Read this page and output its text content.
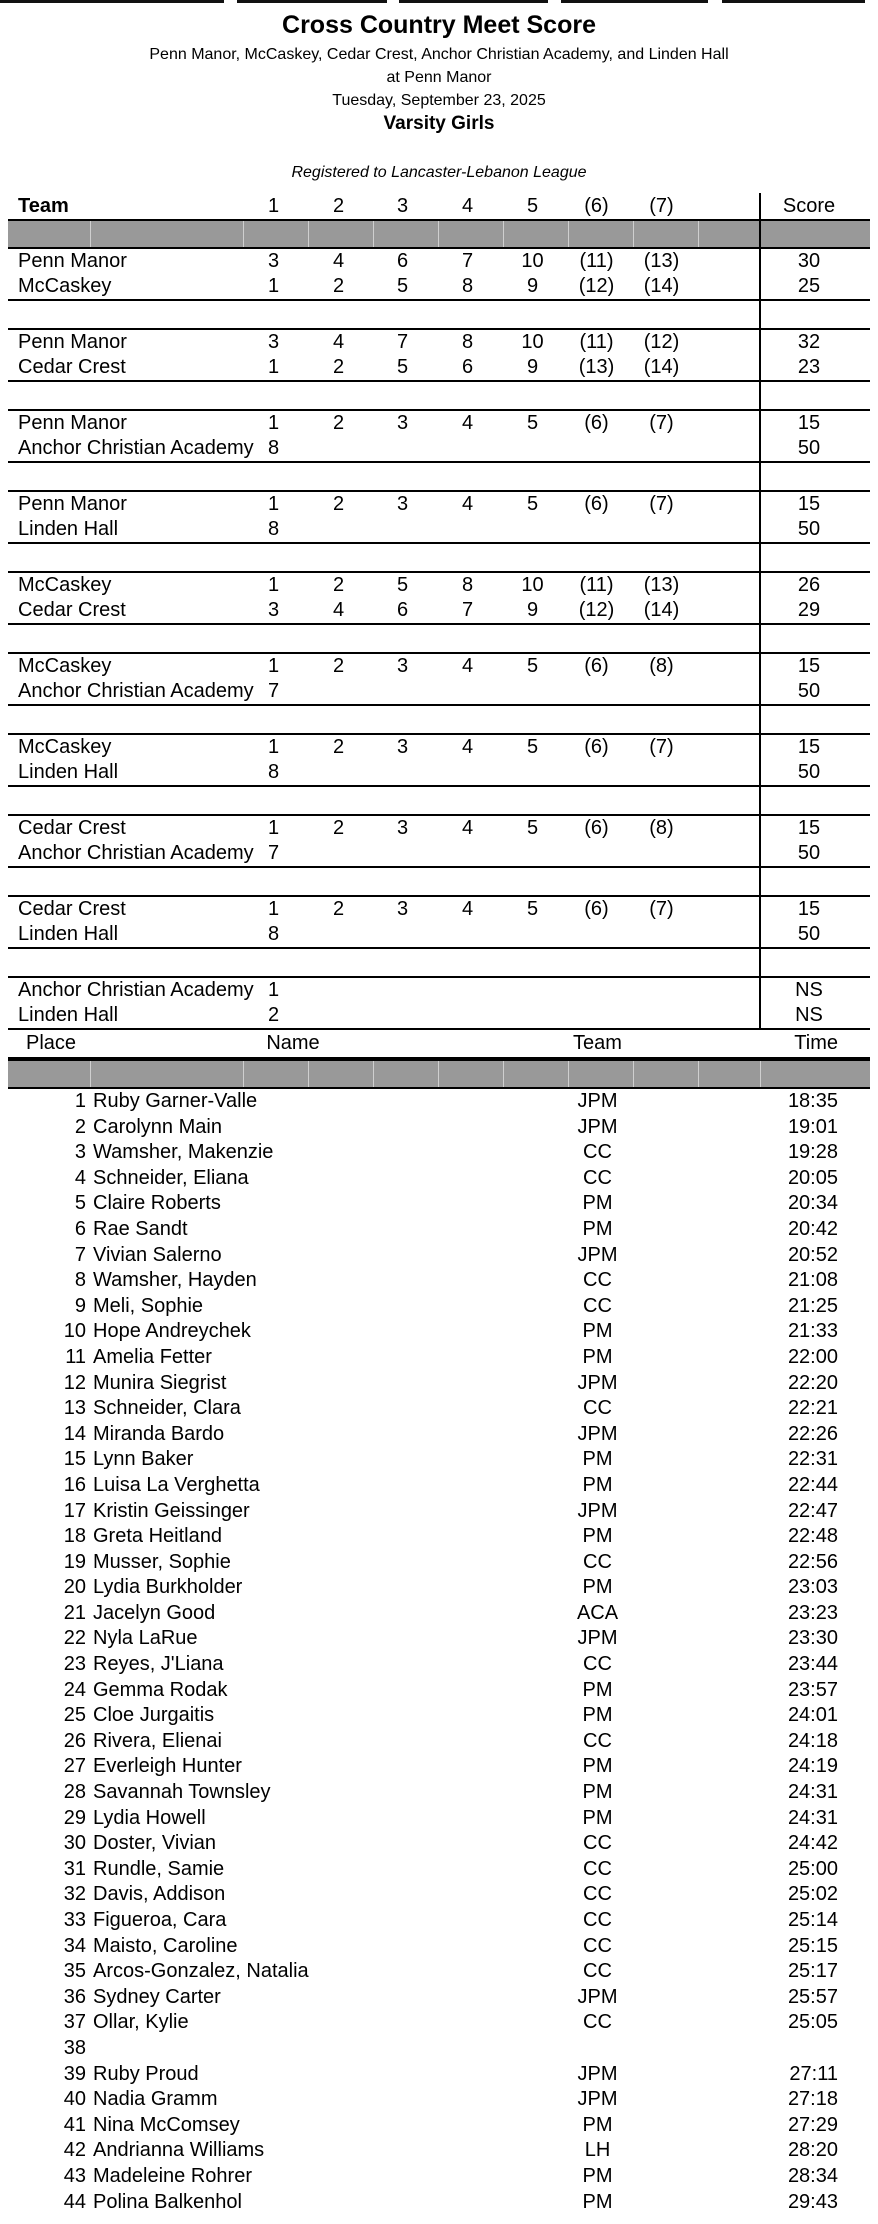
Cross Country Meet Score
Penn Manor, McCaskey, Cedar Crest, Anchor Christian Academy, and Linden Hall
at Penn Manor
Tuesday, September 23, 2025
Varsity Girls
Registered to Lancaster-Lebanon League
Team	1	2	3	4	5	(6)	(7)	Score
Penn Manor	3	4	6	7	10	(11)	(13)	30
McCaskey	1	2	5	8	9	(12)	(14)	25
Penn Manor	3	4	7	8	10	(11)	(12)	32
Cedar Crest	1	2	5	6	9	(13)	(14)	23
Penn Manor	1	2	3	4	5	(6)	(7)	15
Anchor Christian Academy 8	50
Penn Manor	1	2	3	4	5	(6)	(7)	15
Linden Hall	8	50
McCaskey	1	2	5	8	10	(11)	(13)	26
Cedar Crest	3	4	6	7	9	(12)	(14)	29
McCaskey	1	2	3	4	5	(6)	(8)	15
Anchor Christian Academy 7	50
McCaskey	1	2	3	4	5	(6)	(7)	15
Linden Hall	8	50
Cedar Crest	1	2	3	4	5	(6)	(8)	15
Anchor Christian Academy 7	50
Cedar Crest	1	2	3	4	5	(6)	(7)	15
Linden Hall	8	50
Anchor Christian Academy 1	NS
Linden Hall	2	NS
Place	Name	Team	Time
1 Ruby Garner-Valle	JPM	18:35
2 Carolynn Main	JPM	19:01
3 Wamsher, Makenzie	CC	19:28
4 Schneider, Eliana	CC	20:05
5 Claire Roberts	PM	20:34
6 Rae Sandt	PM	20:42
7 Vivian Salerno	JPM	20:52
8 Wamsher, Hayden	CC	21:08
9 Meli, Sophie	CC	21:25
10 Hope Andreychek	PM	21:33
11 Amelia Fetter	PM	22:00
12 Munira Siegrist	JPM	22:20
13 Schneider, Clara	CC	22:21
14 Miranda Bardo	JPM	22:26
15 Lynn Baker	PM	22:31
16 Luisa La Verghetta	PM	22:44
17 Kristin Geissinger	JPM	22:47
18 Greta Heitland	PM	22:48
19 Musser, Sophie	CC	22:56
20 Lydia Burkholder	PM	23:03
21 Jacelyn Good	ACA	23:23
22 Nyla LaRue	JPM	23:30
23 Reyes, J'Liana	CC	23:44
24 Gemma Rodak	PM	23:57
25 Cloe Jurgaitis	PM	24:01
26 Rivera, Elienai	CC	24:18
27 Everleigh Hunter	PM	24:19
28 Savannah Townsley	PM	24:31
29 Lydia Howell	PM	24:31
30 Doster, Vivian	CC	24:42
31 Rundle, Samie	CC	25:00
32 Davis, Addison	CC	25:02
33 Figueroa, Cara	CC	25:14
34 Maisto, Caroline	CC	25:15
35 Arcos-Gonzalez, Natalia	CC	25:17
36 Sydney Carter	JPM	25:57
37 Ollar, Kylie	CC	25:05
38
39 Ruby Proud	JPM	27:11
40 Nadia Gramm	JPM	27:18
41 Nina McComsey	PM	27:29
42 Andrianna Williams	LH	28:20
43 Madeleine Rohrer	PM	28:34
44 Polina Balkenhol	PM	29:43
